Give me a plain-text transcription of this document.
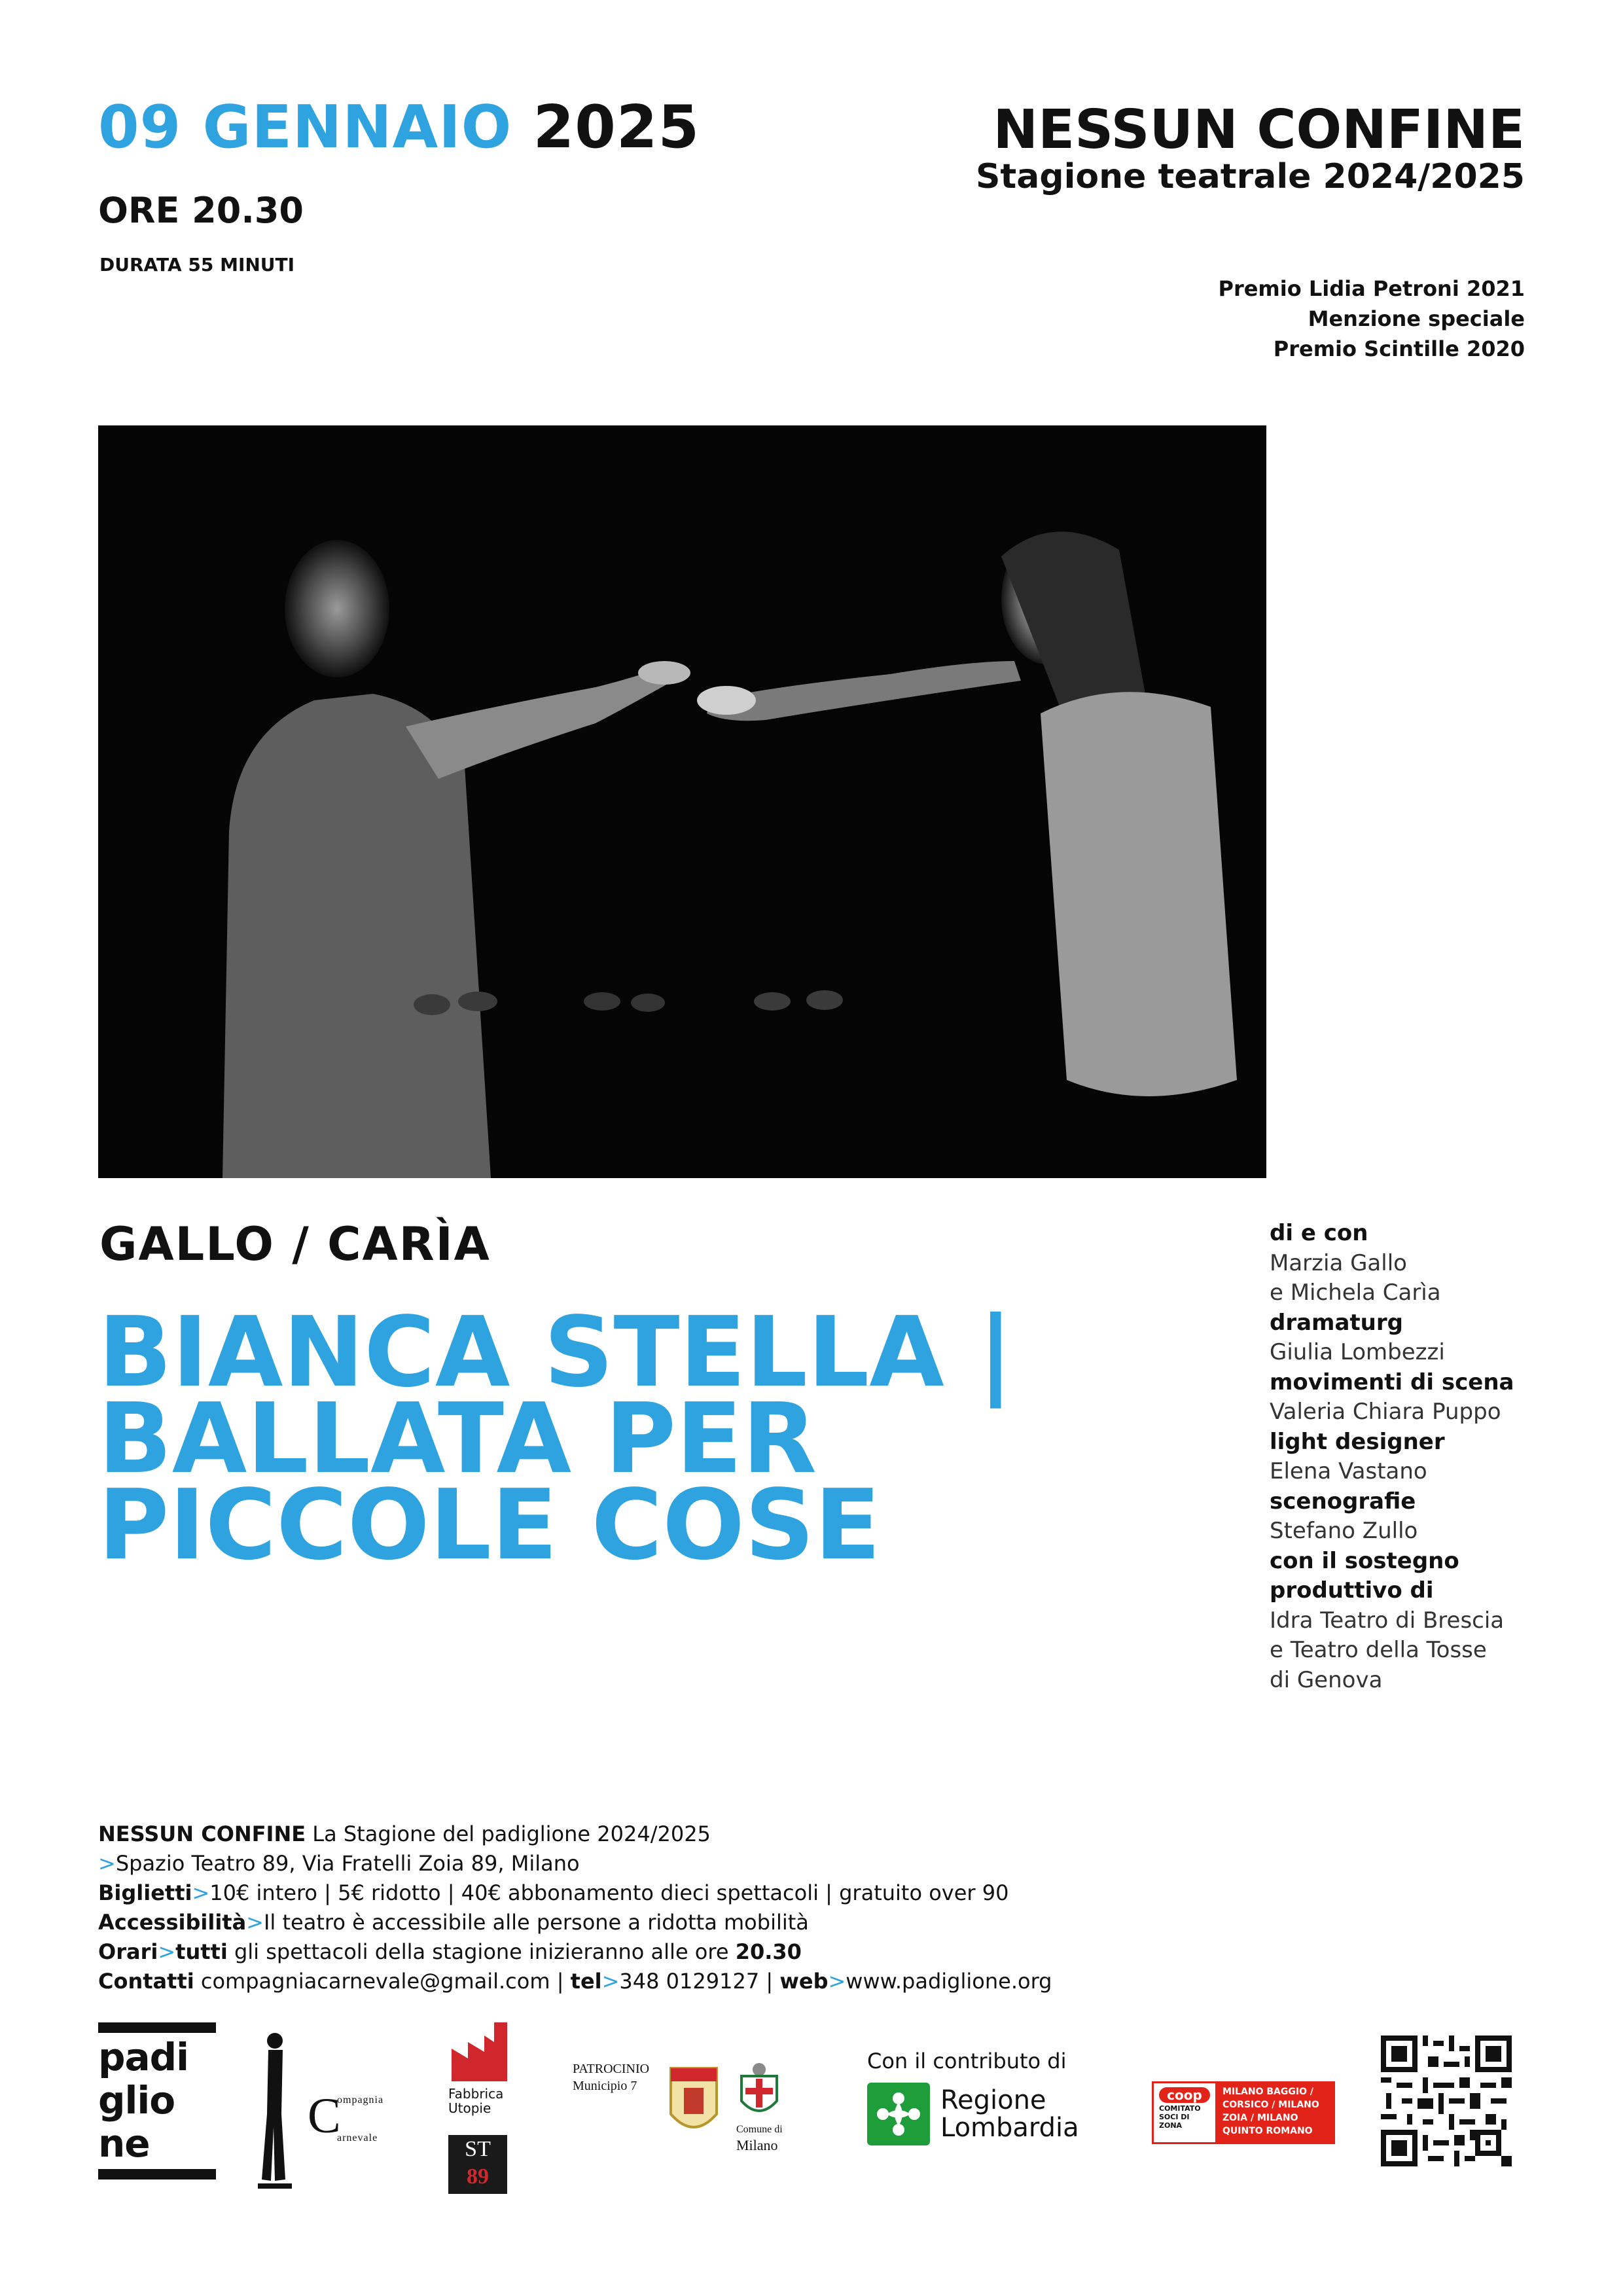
09 GENNAIO 2025
ORE 20.30
DURATA 55 MINUTI
NESSUN CONFINE
Stagione teatrale 2024/2025
Premio Lidia Petroni 2021
Menzione speciale
Premio Scintille 2020
GALLO / CARÌA
BIANCA STELLA |
BALLATA PER
PICCOLE COSE
di e con
Marzia Gallo
e Michela Carìa
dramaturg
Giulia Lombezzi
movimenti di scena
Valeria Chiara Puppo
light designer
Elena Vastano
scenografie
Stefano Zullo
con il sostegno produttivo di
Idra Teatro di Brescia
e Teatro della Tosse
di Genova
NESSUN CONFINE La Stagione del padiglione 2024/2025
>Spazio Teatro 89, Via Fratelli Zoia 89, Milano
Biglietti>10€ intero | 5€ ridotto | 40€ abbonamento dieci spettacoli | gratuito over 90
Accessibilità>Il teatro è accessibile alle persone a ridotta mobilità
Orari>tutti gli spettacoli della stagione inizieranno alle ore 20.30
Contatti compagniacarnevale@gmail.com | tel>348 0129127 | web>www.padiglione.org
padi
glio
ne	C
ompagnia
arnevale
Fabbrica
Utopie
ST
89
PATROCINIO
Municipio 7
Comune di
Milano
Con il contributo di
Regione
Lombardia
coop
COMITATO
SOCI DI
ZONA
MILANO BAGGIO /
CORSICO / MILANO
ZOIA / MILANO
QUINTO ROMANO
